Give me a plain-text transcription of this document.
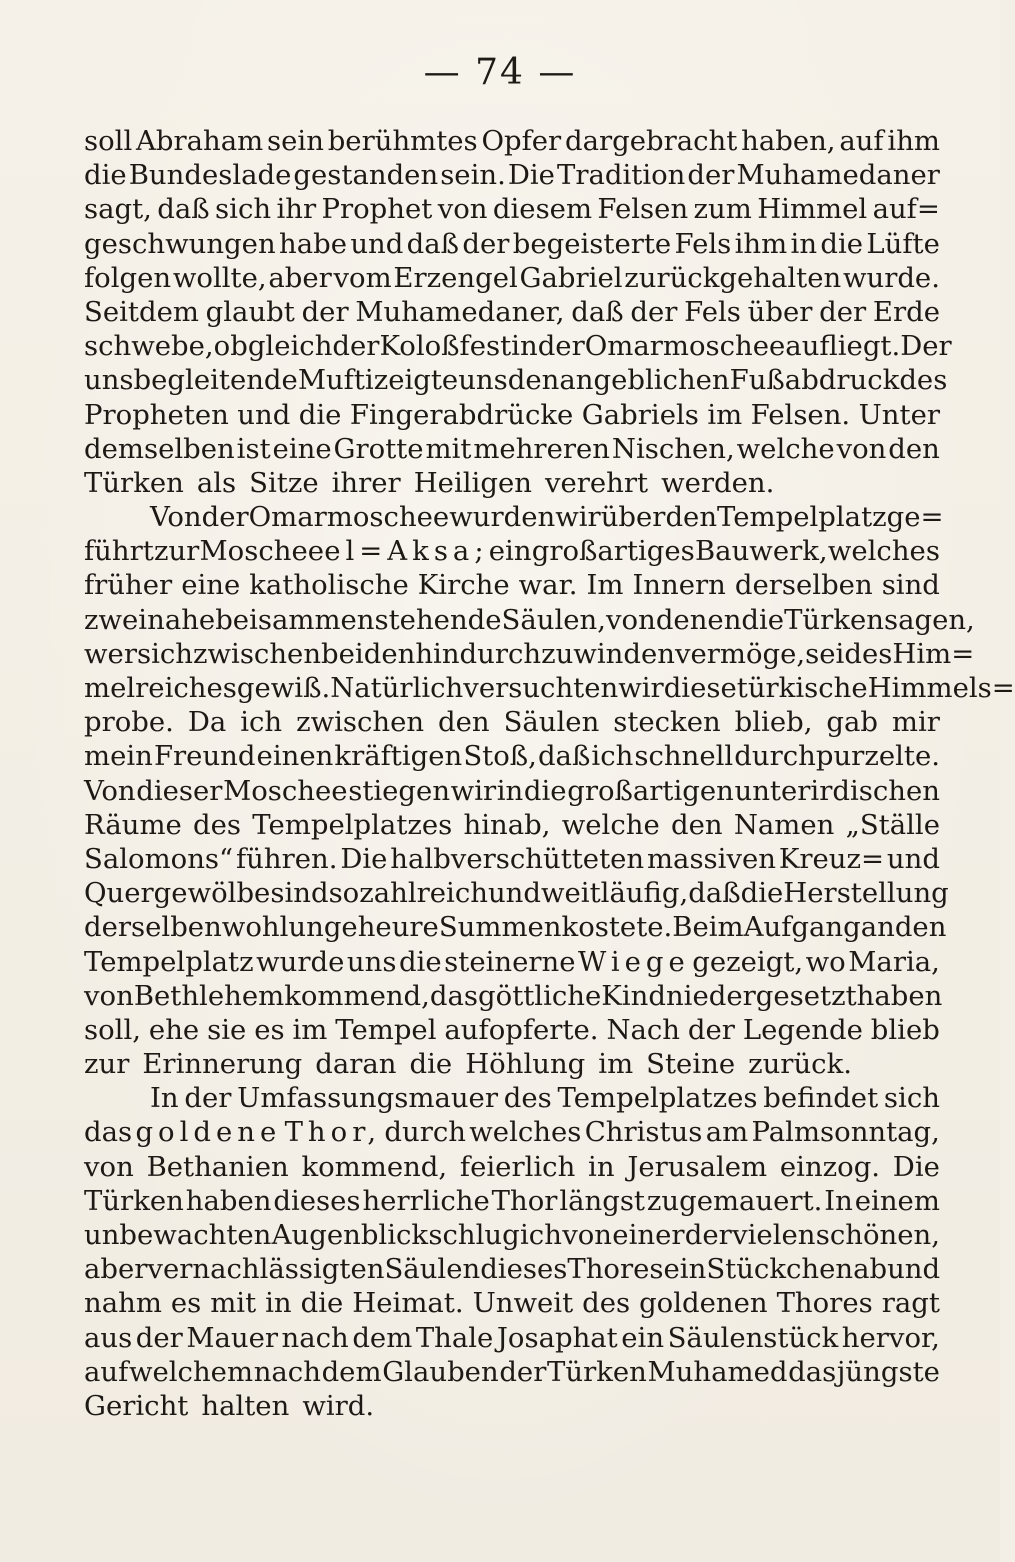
— 74 —
soll Abraham sein berühmtes Opfer dargebracht haben, auf ihm
die Bundeslade gestanden sein. Die Tradition der Muhamedaner
sagt, daß sich ihr Prophet von diesem Felsen zum Himmel auf=
geschwungen habe und daß der begeisterte Fels ihm in die Lüfte
folgen wollte, aber vom Erzengel Gabriel zurückgehalten wurde.
Seitdem glaubt der Muhamedaner, daß der Fels über der Erde
schwebe, obgleich der Koloß fest in der Omarmoschee aufliegt. Der
uns begleitende Mufti zeigte uns den angeblichen Fußabdruck des
Propheten und die Fingerabdrücke Gabriels im Felsen. Unter
demselben ist eine Grotte mit mehreren Nischen, welche von den
Türken als Sitze ihrer Heiligen verehrt werden.
Von der Omarmoschee wurden wir über den Tempelplatz ge=
führt zur Moschee el=Aksa; ein großartiges Bauwerk, welches
früher eine katholische Kirche war. Im Innern derselben sind
zwei nahe beisammenstehende Säulen, von denen die Türken sagen,
wer sich zwischen beiden hindurchzuwinden vermöge, sei des Him=
melreiches gewiß. Natürlich versuchten wir diese türkische Himmels=
probe. Da ich zwischen den Säulen stecken blieb, gab mir
mein Freund einen kräftigen Stoß, daß ich schnell durchpurzelte.
Von dieser Moschee stiegen wir in die großartigen unterirdischen
Räume des Tempelplatzes hinab, welche den Namen „Ställe
Salomons“ führen. Die halbverschütteten massiven Kreuz= und
Quergewölbe sind so zahlreich und weitläufig, daß die Herstellung
derselben wohl ungeheure Summen kostete. Beim Aufgang an den
Tempelplatz wurde uns die steinerne Wiege gezeigt, wo Maria,
von Bethlehem kommend, das göttliche Kind niedergesetzt haben
soll, ehe sie es im Tempel aufopferte. Nach der Legende blieb
zur Erinnerung daran die Höhlung im Steine zurück.
In der Umfassungsmauer des Tempelplatzes befindet sich
das goldene Thor, durch welches Christus am Palmsonntag,
von Bethanien kommend, feierlich in Jerusalem einzog. Die
Türken haben dieses herrliche Thor längst zugemauert. In einem
unbewachten Augenblick schlug ich von einer der vielen schönen,
aber vernachlässigten Säulen dieses Thores ein Stückchen ab und
nahm es mit in die Heimat. Unweit des goldenen Thores ragt
aus der Mauer nach dem Thale Josaphat ein Säulenstück hervor,
auf welchem nach dem Glauben der Türken Muhamed das jüngste
Gericht halten wird.
